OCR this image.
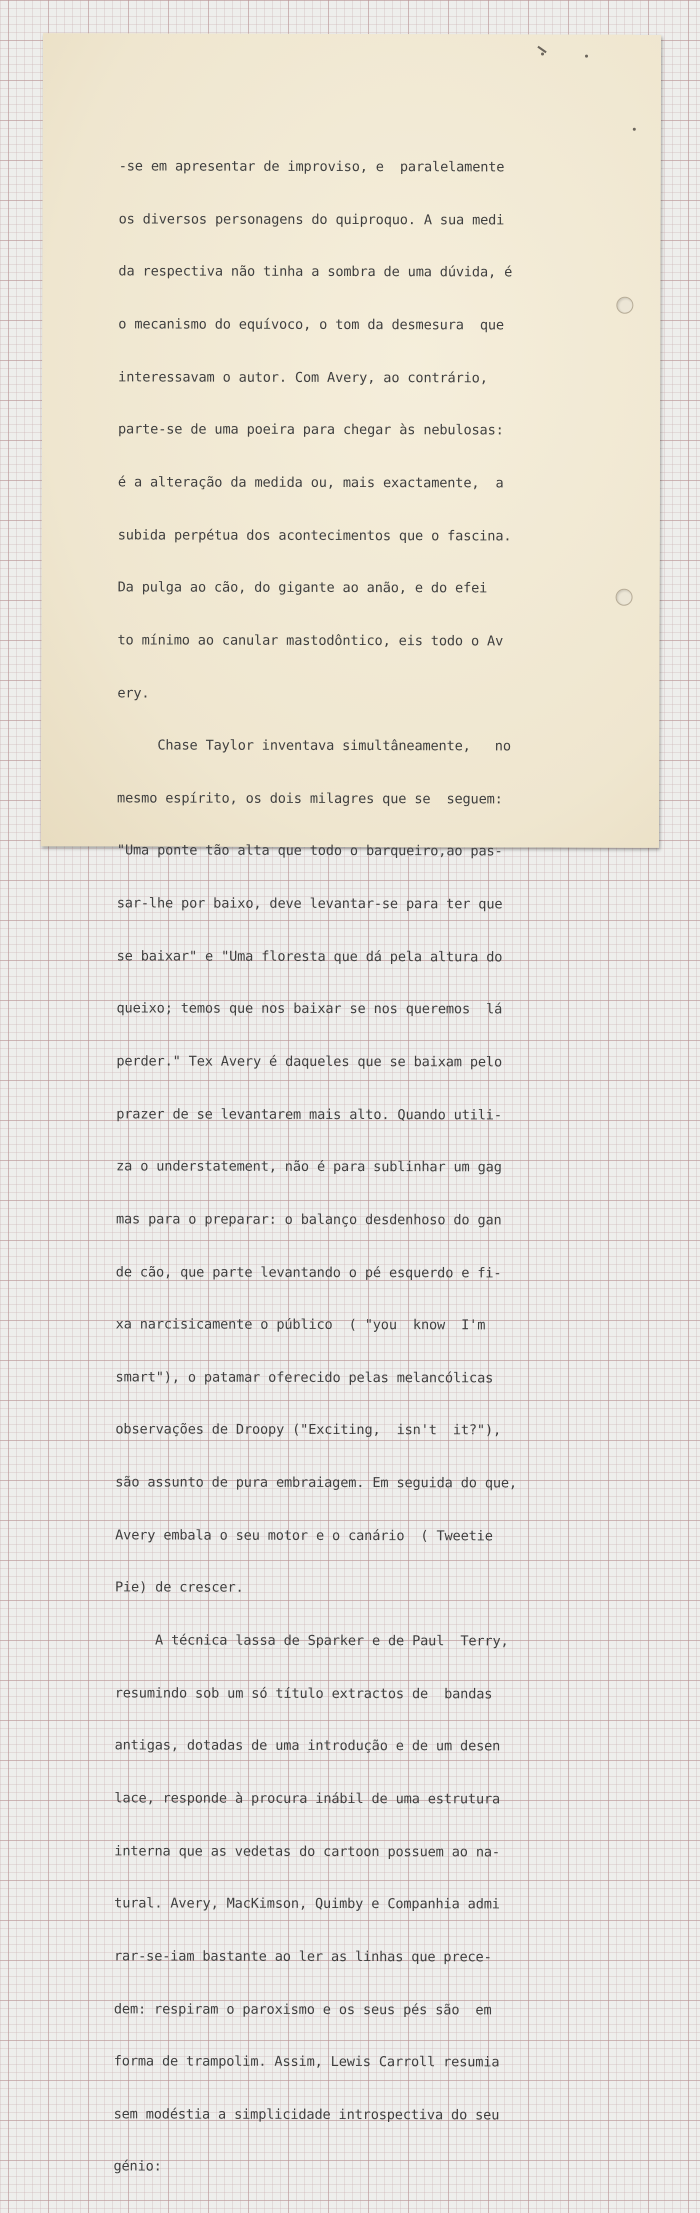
-se em apresentar de improviso, e  paralelamente

os diversos personagens do quiproquo. A sua medi

da respectiva não tinha a sombra de uma dúvida, é

o mecanismo do equívoco, o tom da desmesura  que

interessavam o autor. Com Avery, ao contrário,

parte-se de uma poeira para chegar às nebulosas:

é a alteração da medida ou, mais exactamente,  a

subida perpétua dos acontecimentos que o fascina.

Da pulga ao cão, do gigante ao anão, e do efei

to mínimo ao canular mastodôntico, eis todo o Av

ery.

Chase Taylor inventava simultâneamente,   no

mesmo espírito, os dois milagres que se  seguem:

"Uma ponte tão alta que todo o barqueiro,ao pas-

sar-lhe por baixo, deve levantar-se para ter que

se baixar" e "Uma floresta que dá pela altura do

queixo; temos que nos baixar se nos queremos  lá

perder." Tex Avery é daqueles que se baixam pelo

prazer de se levantarem mais alto. Quando utili-

za o understatement, não é para sublinhar um gag

mas para o preparar: o balanço desdenhoso do gan

de cão, que parte levantando o pé esquerdo e fi-

xa narcisicamente o público  ( "you  know  I'm

smart"), o patamar oferecido pelas melancólicas

observações de Droopy ("Exciting,  isn't  it?"),

são assunto de pura embraiagem. Em seguida do que,

Avery embala o seu motor e o canário  ( Tweetie

Pie) de crescer.

A técnica lassa de Sparker e de Paul  Terry,

resumindo sob um só título extractos de  bandas

antigas, dotadas de uma introdução e de um desen

lace, responde à procura inábil de uma estrutura

interna que as vedetas do cartoon possuem ao na-

tural. Avery, MacKimson, Quimby e Companhia admi

rar-se-iam bastante ao ler as linhas que prece-

dem: respiram o paroxismo e os seus pés são  em

forma de trampolim. Assim, Lewis Carroll resumia

sem modéstia a simplicidade introspectiva do seu

génio:
